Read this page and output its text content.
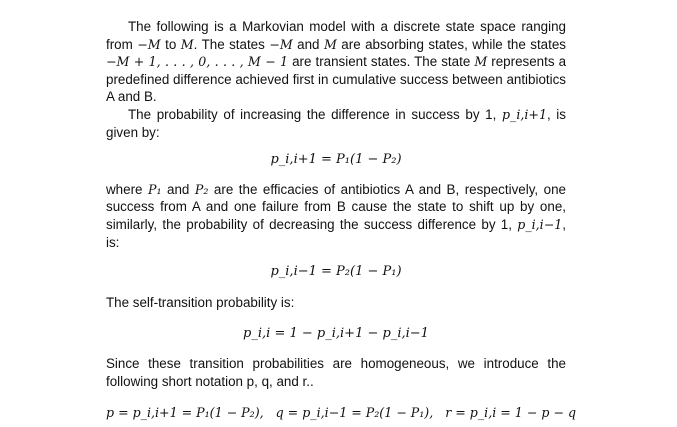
The following is a Markovian model with a discrete state space ranging from −M to M. The states −M and M are absorbing states, while the states −M + 1, . . . , 0, . . . , M − 1 are transient states. The state M represents a predefined difference achieved first in cumulative success between antibiotics A and B.

The probability of increasing the difference in success by 1, p_i,i+1, is given by:

p_i,i+1 = P₁(1 − P₂)

where P₁ and P₂ are the efficacies of antibiotics A and B, respectively, one success from A and one failure from B cause the state to shift up by one, similarly, the probability of decreasing the success difference by 1, p_i,i−1, is:

p_i,i−1 = P₂(1 − P₁)

The self-transition probability is:

p_i,i = 1 − p_i,i+1 − p_i,i−1

Since these transition probabilities are homogeneous, we introduce the following short notation p, q, and r..

p = p_i,i+1 = P₁(1 − P₂),   q = p_i,i−1 = P₂(1 − P₁),   r = p_i,i = 1 − p − q
